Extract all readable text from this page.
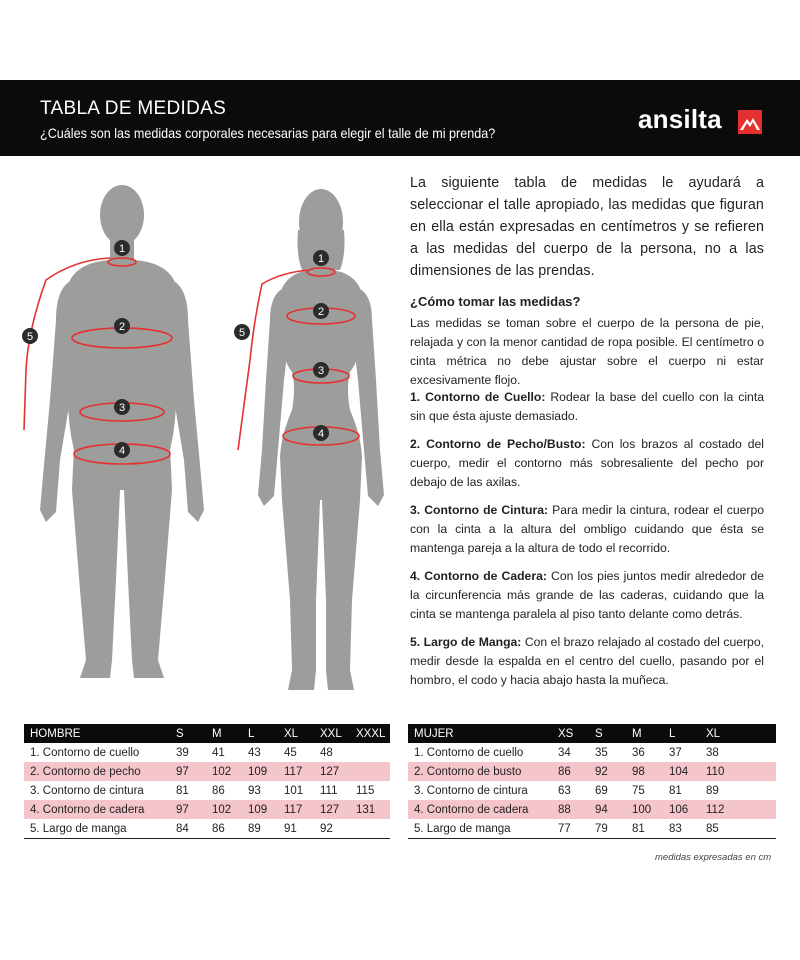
TABLA DE MEDIDAS
¿Cuáles son las medidas corporales necesarias para elegir el talle de mi prenda?	ansilta
1
2
3
4
5
1
2
3
4
5
La siguiente tabla de medidas le ayudará a seleccionar el talle apropiado, las medidas que figuran en ella están expresadas en centímetros y se refieren a las medidas del cuerpo de la persona, no a las dimensiones de las prendas.
¿Cómo tomar las medidas?
Las medidas se toman sobre el cuerpo de la persona de pie, relajada y con la menor cantidad de ropa posible. El centímetro o cinta métrica no debe ajustar sobre el cuerpo ni estar excesivamente flojo.
1. Contorno de Cuello: Rodear la base del cuello con la cinta sin que ésta ajuste demasiado.
2. Contorno de Pecho/Busto: Con los brazos al costado del cuerpo, medir el contorno más sobresaliente del pecho por debajo de las axilas.
3. Contorno de Cintura: Para medir la cintura, rodear el cuerpo con la cinta a la altura del ombligo cuidando que ésta se mantenga pareja a la altura de todo el recorrido.
4. Contorno de Cadera: Con los pies juntos medir alrededor de la circunferencia más grande de las caderas, cuidando que la cinta se mantenga paralela al piso tanto delante como detrás.
5. Largo de Manga: Con el brazo relajado al costado del cuerpo, medir desde la espalda en el centro del cuello, pasando por el hombro, el codo y hacia abajo hasta la muñeca.
HOMBRE	S	M	L	XL	XXL	XXXL
1. Contorno de cuello	39	41	43	45	48
2. Contorno de pecho	97	102	109	117	127
3. Contorno de cintura	81	86	93	101	111	115
4. Contorno de cadera	97	102	109	117	127	131
5. Largo de manga	84	86	89	91	92
MUJER	XS	S	M	L	XL
1. Contorno de cuello	34	35	36	37	38
2. Contorno de busto	86	92	98	104	110
3. Contorno de cintura	63	69	75	81	89
4. Contorno de cadera	88	94	100	106	112
5. Largo de manga	77	79	81	83	85
medidas expresadas en cm
